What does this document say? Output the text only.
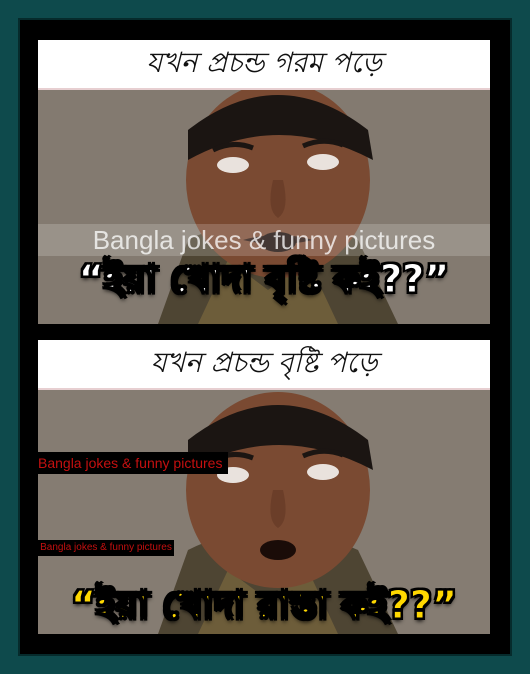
যখন প্রচন্ড গরম পড়ে
Bangla jokes & funny pictures
“ইয়া খোদা বৃষ্টি কই??”
যখন প্রচন্ড বৃষ্টি পড়ে
Bangla jokes & funny pictures
Bangla jokes & funny pictures
“ইয়া খোদা রাস্তা কই??”
